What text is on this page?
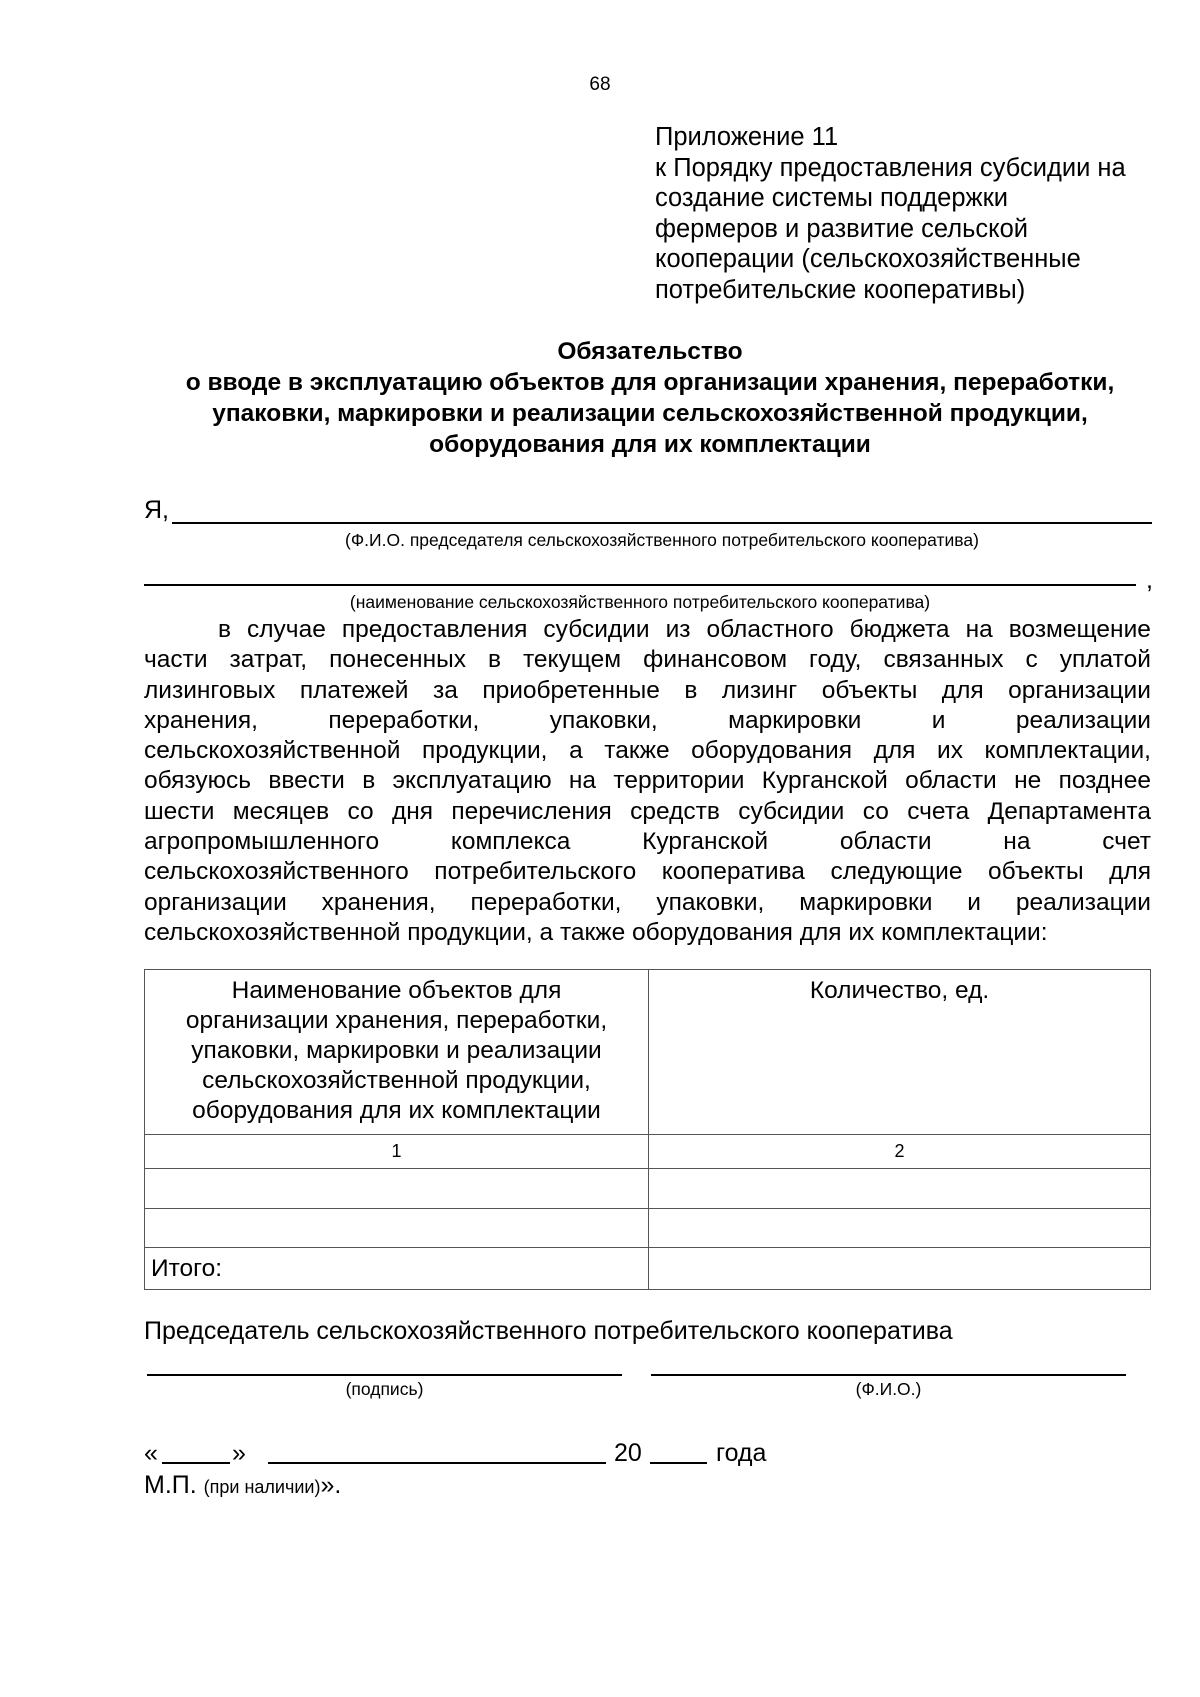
68
Приложение 11
к Порядку предоставления субсидии на
создание системы поддержки
фермеров и развитие сельской
кооперации (сельскохозяйственные
потребительские кооперативы)
Обязательство
о вводе в эксплуатацию объектов для организации хранения, переработки,
упаковки, маркировки и реализации сельскохозяйственной продукции,
оборудования для их комплектации
Я,
(Ф.И.О. председателя сельскохозяйственного потребительского кооператива)
,
(наименование сельскохозяйственного потребительского кооператива)
в случае предоставления субсидии из областного бюджета на возмещение
части затрат, понесенных в текущем финансовом году, связанных с уплатой
лизинговых платежей за приобретенные в лизинг объекты для организации
хранения,	переработки,	упаковки,	маркировки	и	реализации
сельскохозяйственной продукции, а также оборудования для их комплектации,
обязуюсь ввести в эксплуатацию на территории Курганской области не позднее
шести месяцев со дня перечисления средств субсидии со счета Департамента
агропромышленного	комплекса	Курганской	области	на	счет
сельскохозяйственного потребительского кооператива следующие объекты для
организации хранения, переработки, упаковки, маркировки и реализации
сельскохозяйственной продукции, а также оборудования для их комплектации:
Наименование объектов для
организации хранения, переработки,
упаковки, маркировки и реализации
сельскохозяйственной продукции,
оборудования для их комплектации	Количество, ед.
1	2

Итого:	
Председатель сельскохозяйственного потребительского кооператива
(подпись)	(Ф.И.О.)
«	»	20	года
М.П. (при наличии)».
